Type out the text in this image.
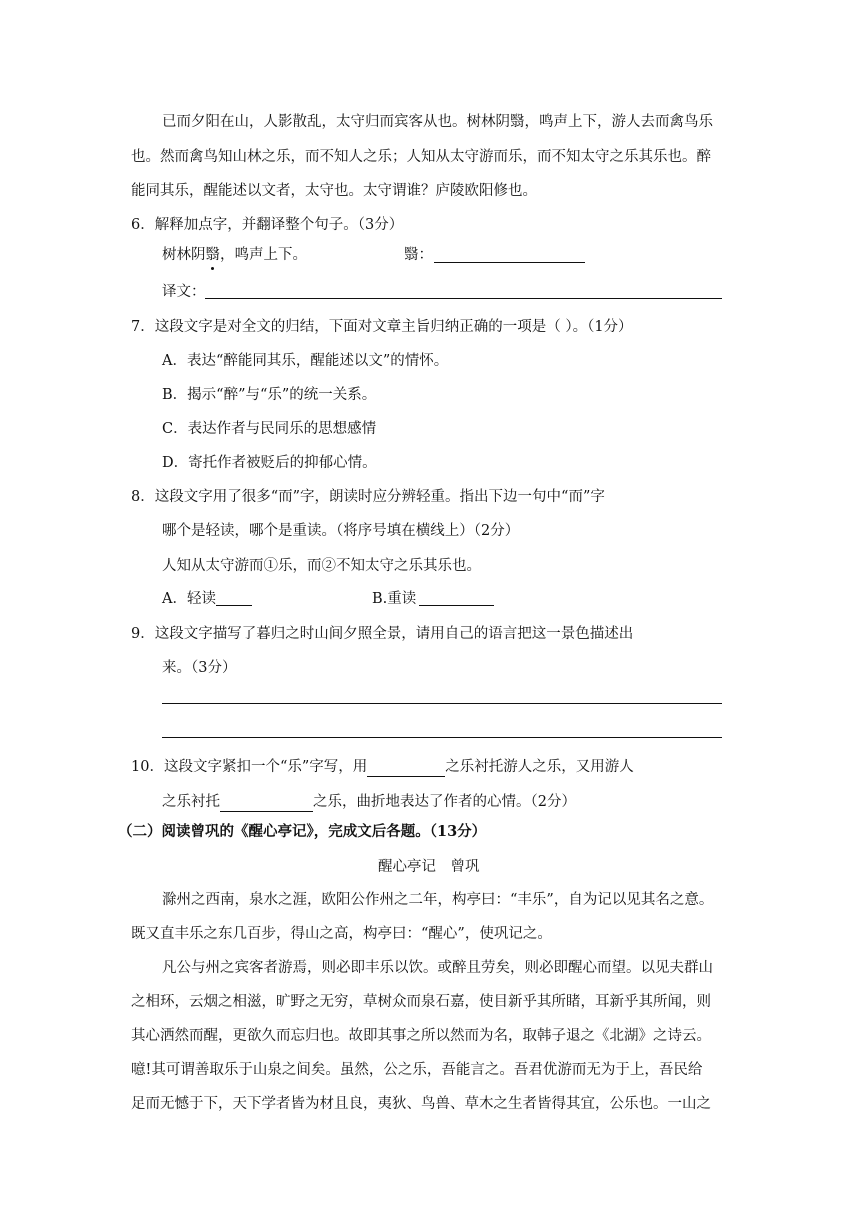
已而夕阳在山，人影散乱，太守归而宾客从也。树林阴翳，鸣声上下，游人去而禽鸟乐
也。然而禽鸟知山林之乐，而不知人之乐；人知从太守游而乐，而不知太守之乐其乐也。醉
能同其乐，醒能述以文者，太守也。太守谓谁？庐陵欧阳修也。
6．解释加点字，并翻译整个句子。（3分）
树林阴翳，鸣声上下。	翳：
译文：
7．这段文字是对全文的归结，下面对文章主旨归纳正确的一项是（ ）。（1分）
A．表达“醉能同其乐，醒能述以文”的情怀。
B．揭示“醉”与“乐”的统一关系。
C．表达作者与民同乐的思想感情
D．寄托作者被贬后的抑郁心情。
8．这段文字用了很多“而”字，朗读时应分辨轻重。指出下边一句中“而”字
哪个是轻读，哪个是重读。（将序号填在横线上）（2分）
人知从太守游而①乐，而②不知太守之乐其乐也。
A．轻读	B.重读
9．这段文字描写了暮归之时山间夕照全景，请用自己的语言把这一景色描述出
来。（3分）
10．这段文字紧扣一个“乐”字写，用	之乐衬托游人之乐，又用游人
之乐衬托	之乐，曲折地表达了作者的心情。（2分）
（二）阅读曾巩的《醒心亭记》，完成文后各题。（13分）
醒心亭记　曾巩
滁州之西南，泉水之涯，欧阳公作州之二年，构亭曰：“丰乐”，自为记以见其名之意。
既又直丰乐之东几百步，得山之高，构亭曰：“醒心”，使巩记之。
凡公与州之宾客者游焉，则必即丰乐以饮。或醉且劳矣，则必即醒心而望。以见夫群山
之相环，云烟之相滋，旷野之无穷，草树众而泉石嘉，使目新乎其所睹，耳新乎其所闻，则
其心洒然而醒，更欲久而忘归也。故即其事之所以然而为名，取韩子退之《北湖》之诗云。
噫!其可谓善取乐于山泉之间矣。虽然，公之乐，吾能言之。吾君优游而无为于上，吾民给
足而无憾于下，天下学者皆为材且良，夷狄、鸟兽、草木之生者皆得其宜，公乐也。一山之
